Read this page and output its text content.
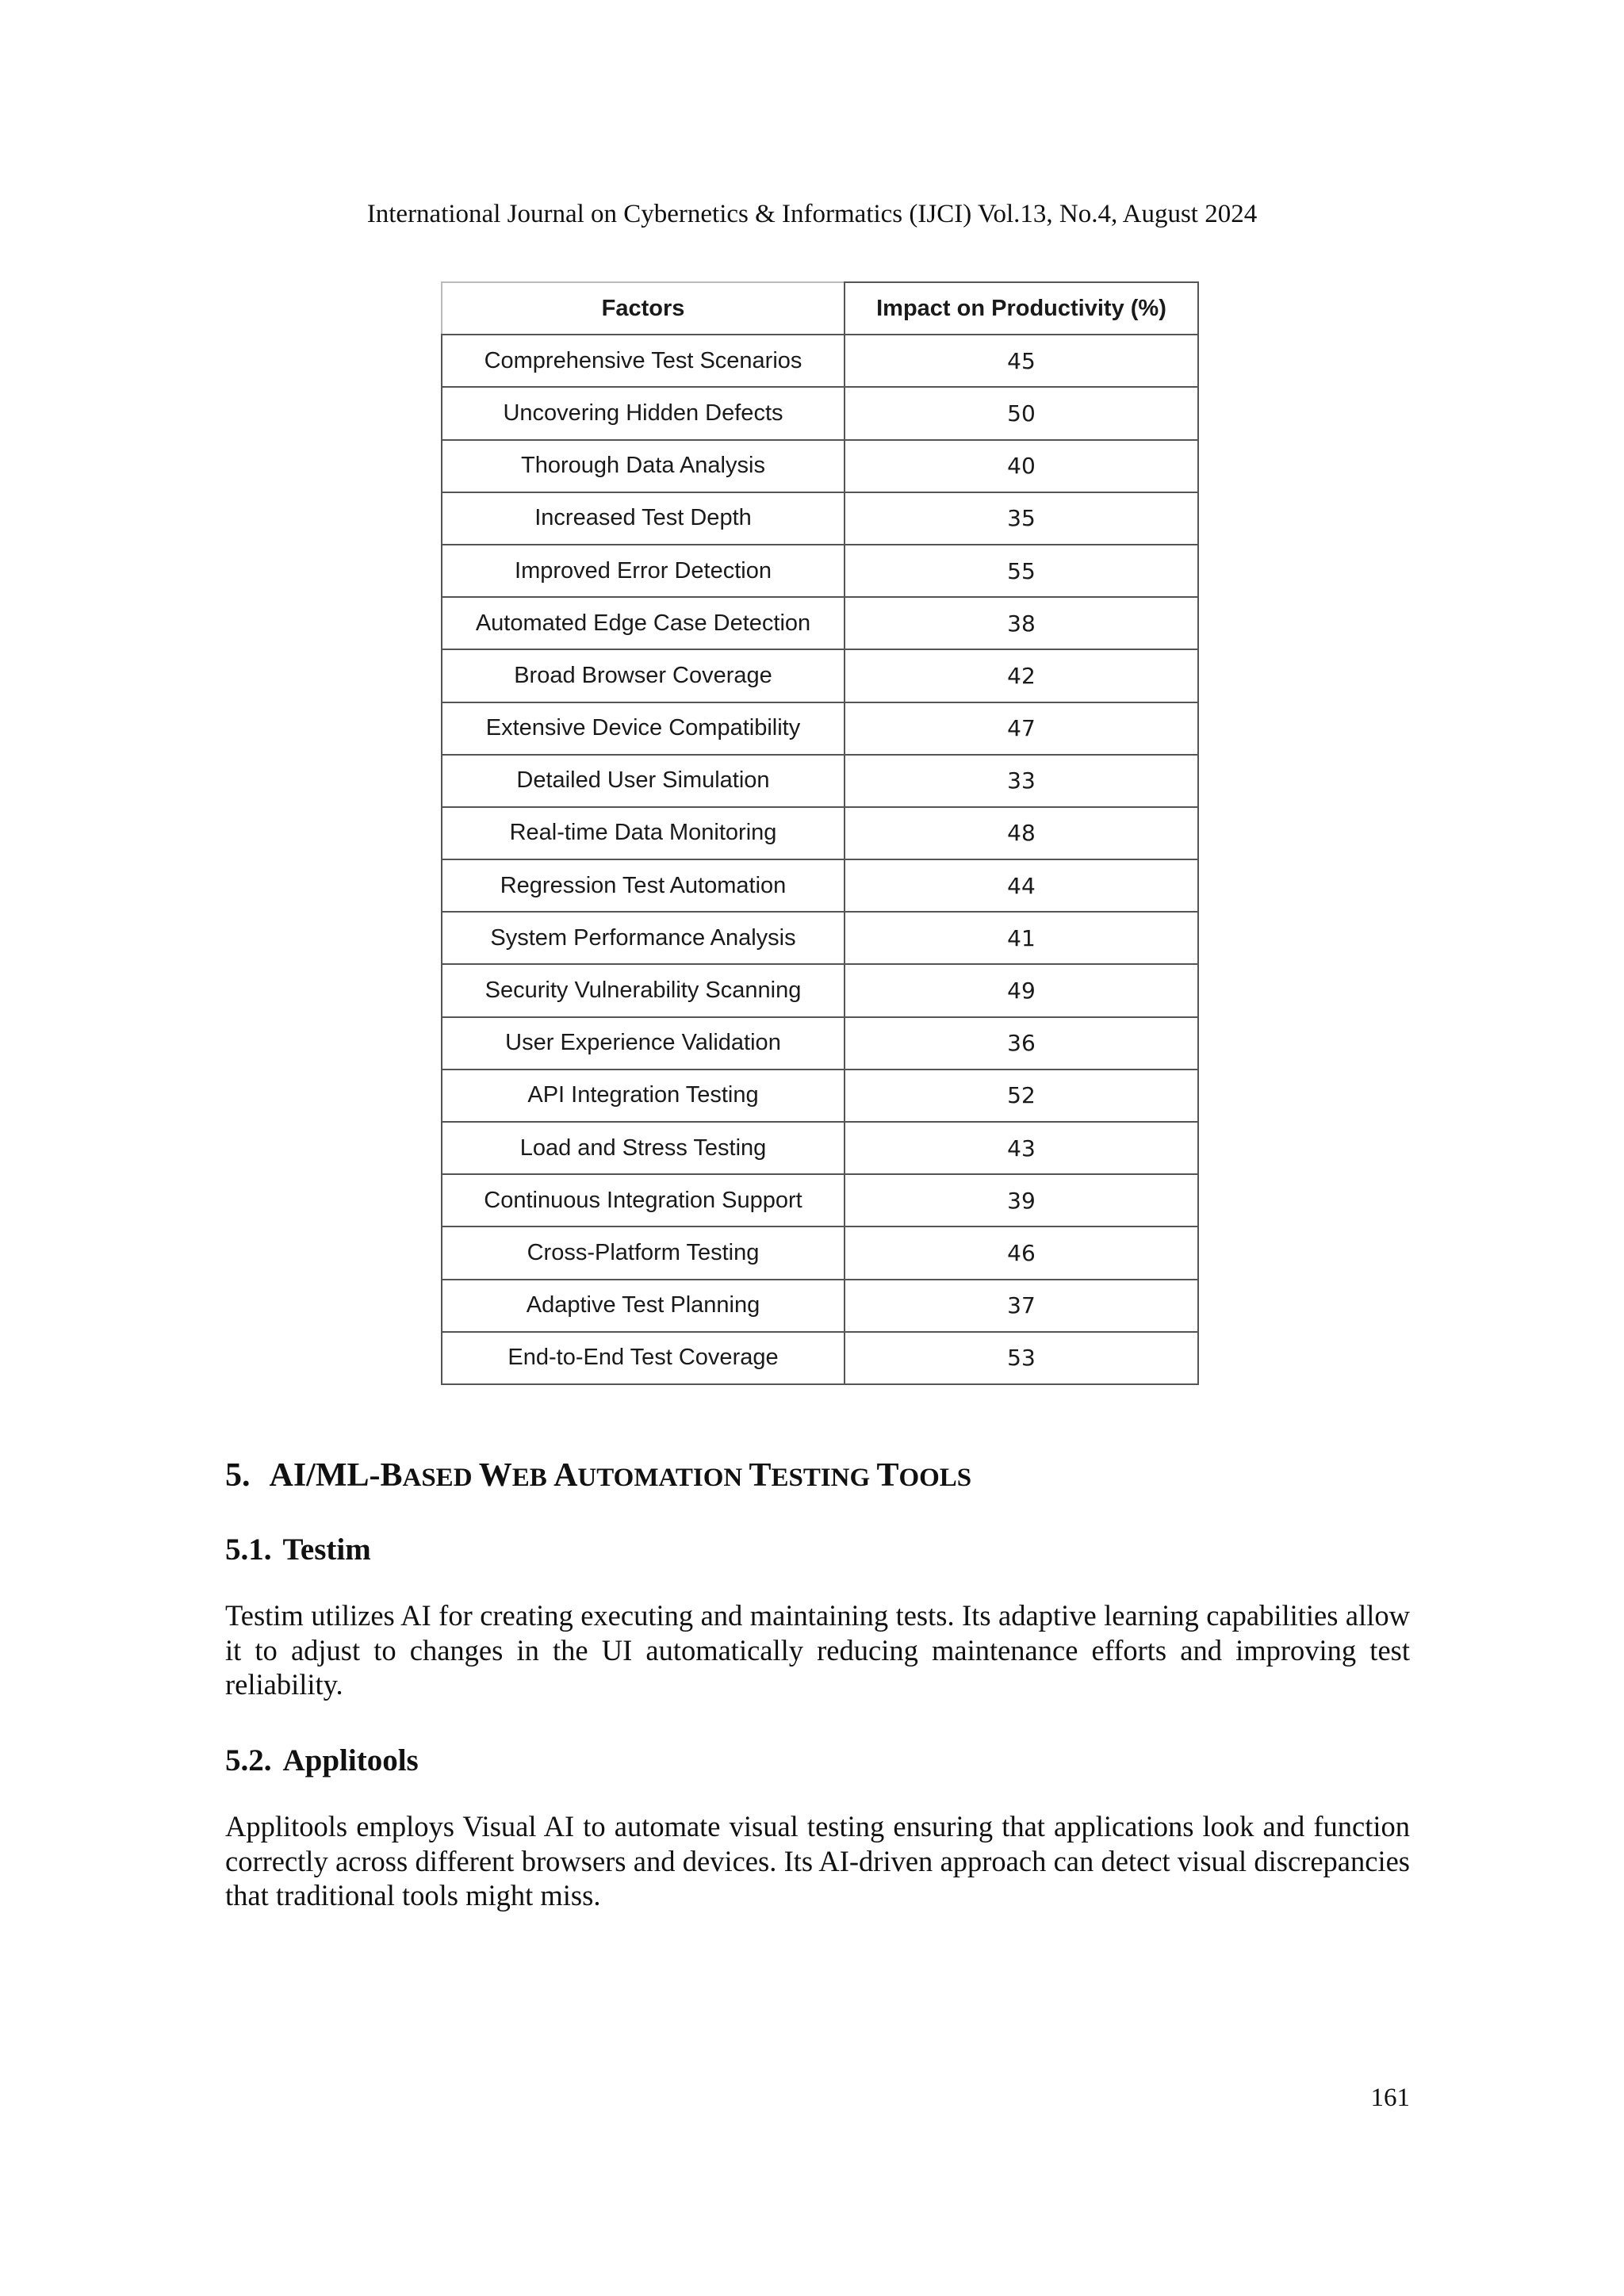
International Journal on Cybernetics & Informatics (IJCI) Vol.13, No.4, August 2024
Factors	Impact on Productivity (%)
Comprehensive Test Scenarios	45
Uncovering Hidden Defects	50
Thorough Data Analysis	40
Increased Test Depth	35
Improved Error Detection	55
Automated Edge Case Detection	38
Broad Browser Coverage	42
Extensive Device Compatibility	47
Detailed User Simulation	33
Real-time Data Monitoring	48
Regression Test Automation	44
System Performance Analysis	41
Security Vulnerability Scanning	49
User Experience Validation	36
API Integration Testing	52
Load and Stress Testing	43
Continuous Integration Support	39
Cross-Platform Testing	46
Adaptive Test Planning	37
End-to-End Test Coverage	53
5. AI/ML-BASED WEB AUTOMATION TESTING TOOLS
5.1. Testim
Testim utilizes AI for creating executing and maintaining tests. Its adaptive learning capabilities allow it to adjust to changes in the UI automatically reducing maintenance efforts and improving test reliability.
5.2. Applitools
Applitools employs Visual AI to automate visual testing ensuring that applications look and function correctly across different browsers and devices. Its AI-driven approach can detect visual discrepancies that traditional tools might miss.
161
